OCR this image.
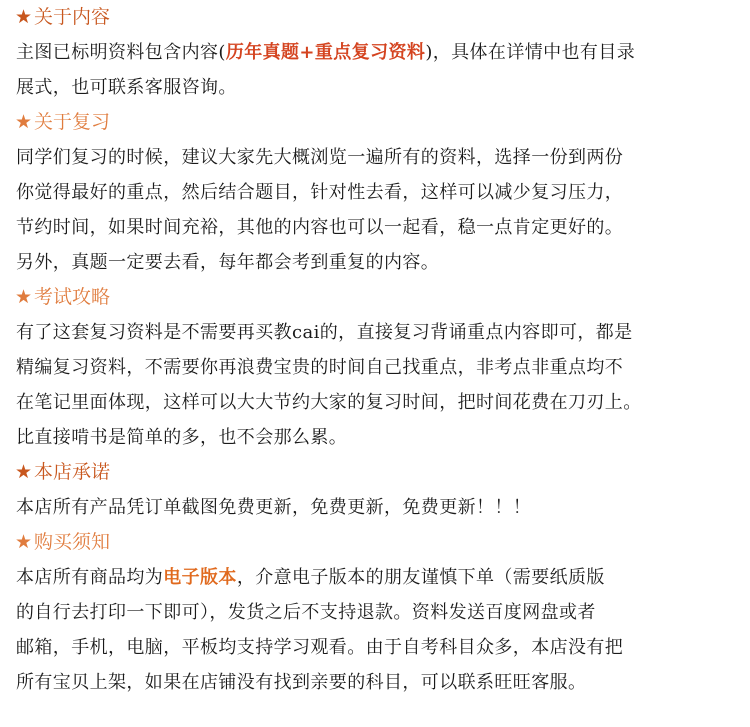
★ 关于内容
主图已标明资料包含内容(历年真题+重点复习资料)，具体在详情中也有目录
展式，也可联系客服咨询。
★ 关于复习
同学们复习的时候，建议大家先大概浏览一遍所有的资料，选择一份到两份
你觉得最好的重点，然后结合题目，针对性去看，这样可以减少复习压力，
节约时间，如果时间充裕，其他的内容也可以一起看，稳一点肯定更好的。
另外，真题一定要去看，每年都会考到重复的内容。
★ 考试攻略
有了这套复习资料是不需要再买教cai的，直接复习背诵重点内容即可，都是
精编复习资料，不需要你再浪费宝贵的时间自己找重点，非考点非重点均不
在笔记里面体现，这样可以大大节约大家的复习时间，把时间花费在刀刃上。
比直接啃书是简单的多，也不会那么累。
★ 本店承诺
本店所有产品凭订单截图免费更新，免费更新，免费更新！！！
★ 购买须知
本店所有商品均为电子版本，介意电子版本的朋友谨慎下单（需要纸质版
的自行去打印一下即可），发货之后不支持退款。资料发送百度网盘或者
邮箱，手机，电脑，平板均支持学习观看。由于自考科目众多，本店没有把
所有宝贝上架，如果在店铺没有找到亲要的科目，可以联系旺旺客服。
